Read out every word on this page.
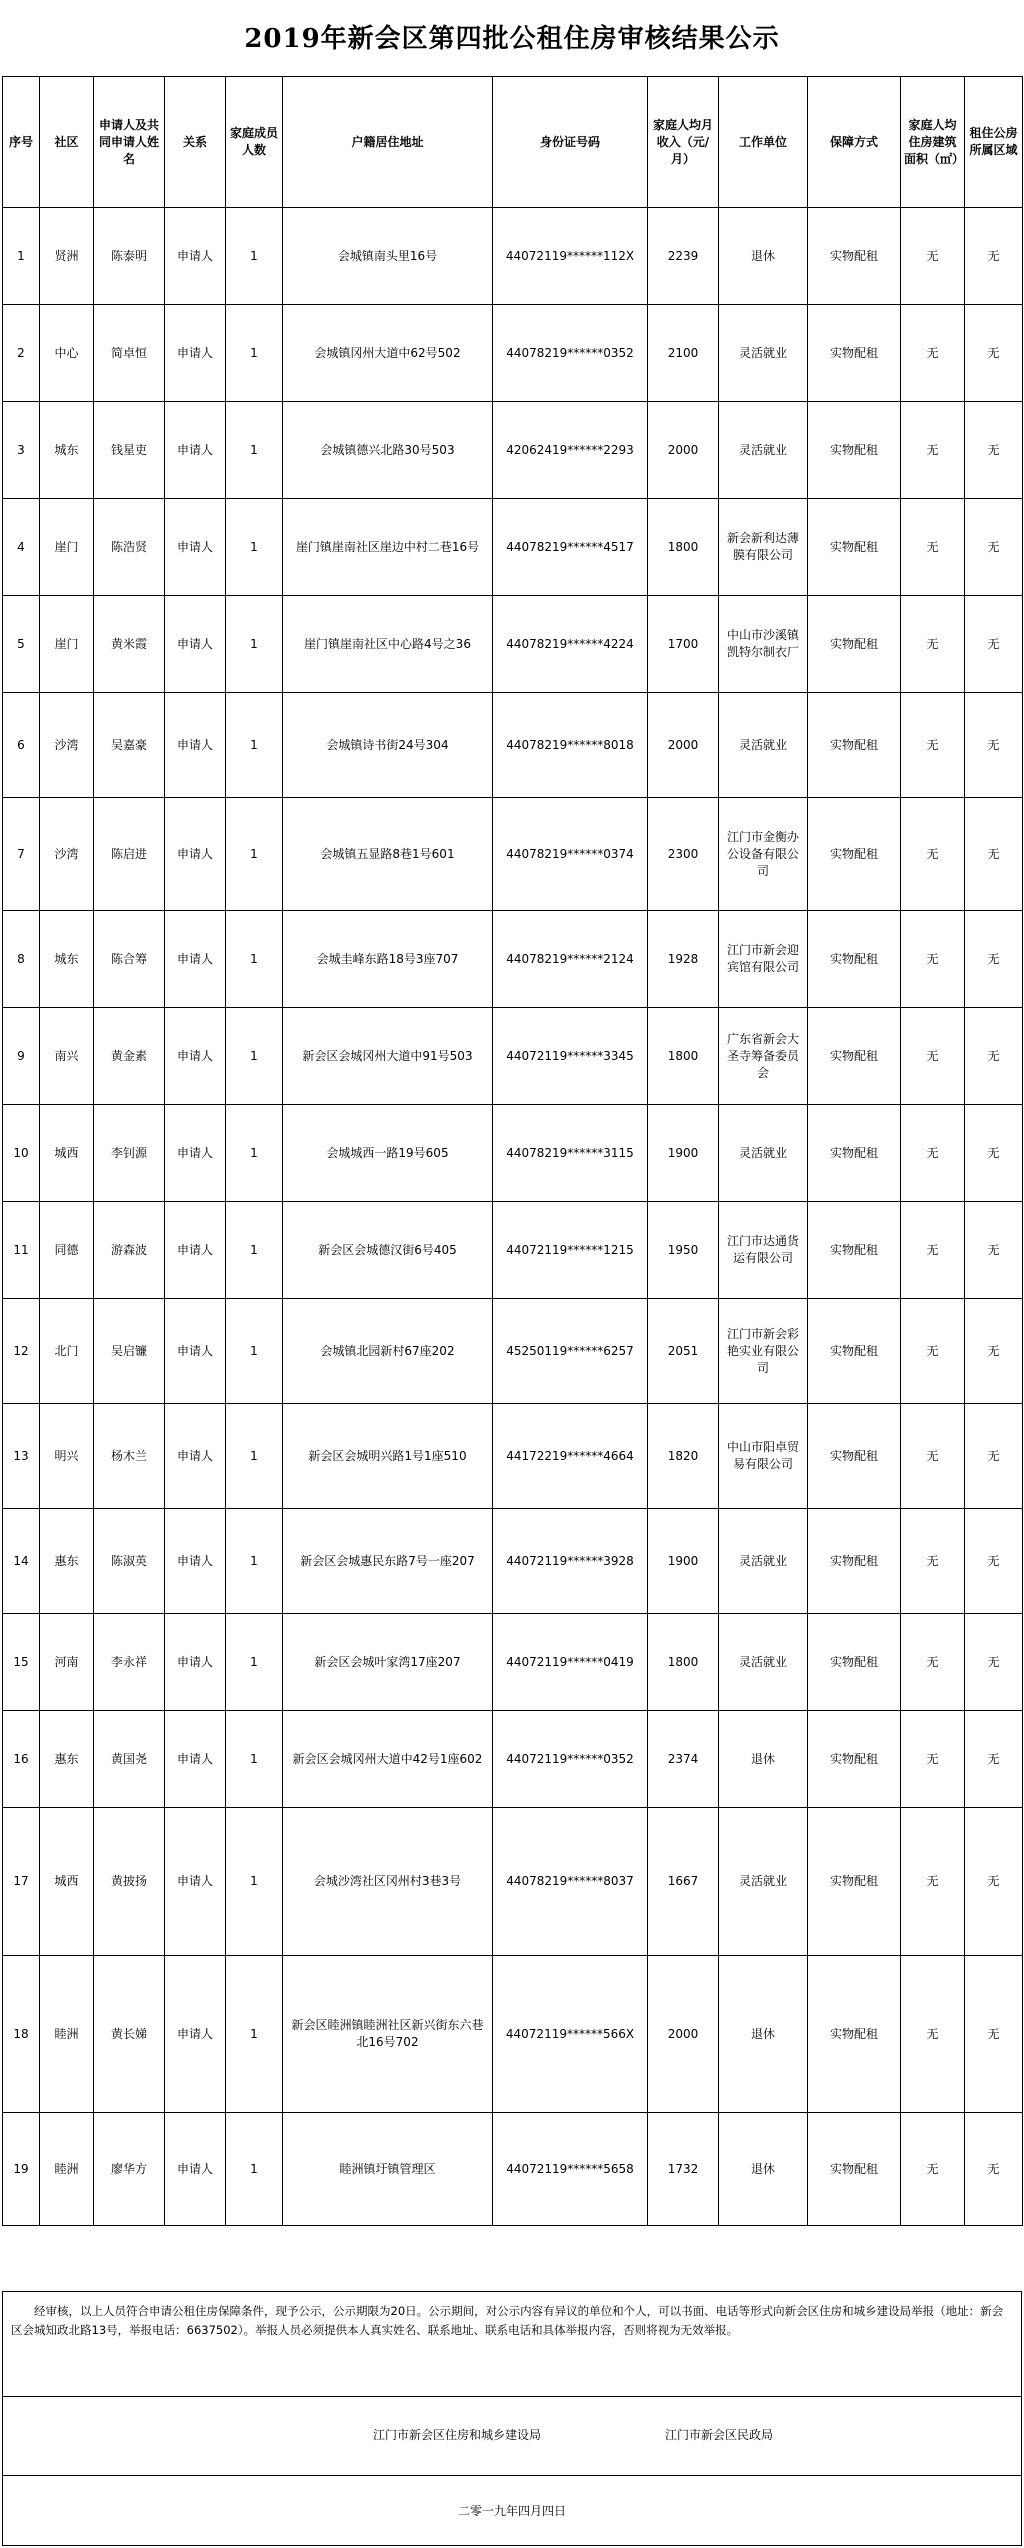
2019年新会区第四批公租住房审核结果公示
序号	社区	申请人及共同申请人姓名	关系	家庭成员人数	户籍居住地址	身份证号码	家庭人均月收入（元/月）	工作单位	保障方式	家庭人均住房建筑面积（㎡）	租住公房所属区域
1	贤洲	陈泰明	申请人	1	会城镇南头里16号	44072119******112X	2239	退休	实物配租	无	无
2	中心	简卓恒	申请人	1	会城镇冈州大道中62号502	44078219******0352	2100	灵活就业	实物配租	无	无
3	城东	钱星吏	申请人	1	会城镇德兴北路30号503	42062419******2293	2000	灵活就业	实物配租	无	无
4	崖门	陈浩贤	申请人	1	崖门镇崖南社区崖边中村二巷16号	44078219******4517	1800	新会新利达薄膜有限公司	实物配租	无	无
5	崖门	黄米霞	申请人	1	崖门镇崖南社区中心路4号之36	44078219******4224	1700	中山市沙溪镇凯特尔制衣厂	实物配租	无	无
6	沙湾	吴嘉豪	申请人	1	会城镇诗书街24号304	44078219******8018	2000	灵活就业	实物配租	无	无
7	沙湾	陈启进	申请人	1	会城镇五显路8巷1号601	44078219******0374	2300	江门市金衡办公设备有限公司	实物配租	无	无
8	城东	陈合筹	申请人	1	会城圭峰东路18号3座707	44078219******2124	1928	江门市新会迎宾馆有限公司	实物配租	无	无
9	南兴	黄金素	申请人	1	新会区会城冈州大道中91号503	44072119******3345	1800	广东省新会大圣寺筹备委员会	实物配租	无	无
10	城西	李钊源	申请人	1	会城城西一路19号605	44078219******3115	1900	灵活就业	实物配租	无	无
11	同德	游森波	申请人	1	新会区会城德汉街6号405	44072119******1215	1950	江门市达通货运有限公司	实物配租	无	无
12	北门	吴启镰	申请人	1	会城镇北园新村67座202	45250119******6257	2051	江门市新会彩艳实业有限公司	实物配租	无	无
13	明兴	杨木兰	申请人	1	新会区会城明兴路1号1座510	44172219******4664	1820	中山市阳卓贸易有限公司	实物配租	无	无
14	惠东	陈淑英	申请人	1	新会区会城惠民东路7号一座207	44072119******3928	1900	灵活就业	实物配租	无	无
15	河南	李永祥	申请人	1	新会区会城叶家湾17座207	44072119******0419	1800	灵活就业	实物配租	无	无
16	惠东	黄国尧	申请人	1	新会区会城冈州大道中42号1座602	44072119******0352	2374	退休	实物配租	无	无
17	城西	黄披扬	申请人	1	会城沙湾社区冈州村3巷3号	44078219******8037	1667	灵活就业	实物配租	无	无
18	睦洲	黄长娣	申请人	1	新会区睦洲镇睦洲社区新兴街东六巷北16号702	44072119******566X	2000	退休	实物配租	无	无
19	睦洲	廖华方	申请人	1	睦洲镇圩镇管理区	44072119******5658	1732	退休	实物配租	无	无
经审核，以上人员符合申请公租住房保障条件，现予公示，公示期限为20日。公示期间，对公示内容有异议的单位和个人，可以书面、电话等形式向新会区住房和城乡建设局举报（地址：新会区会城知政北路13号，举报电话：6637502）。举报人员必须提供本人真实姓名、联系地址、联系电话和具体举报内容，否则将视为无效举报。
江门市新会区住房和城乡建设局	江门市新会区民政局
二零一九年四月四日
